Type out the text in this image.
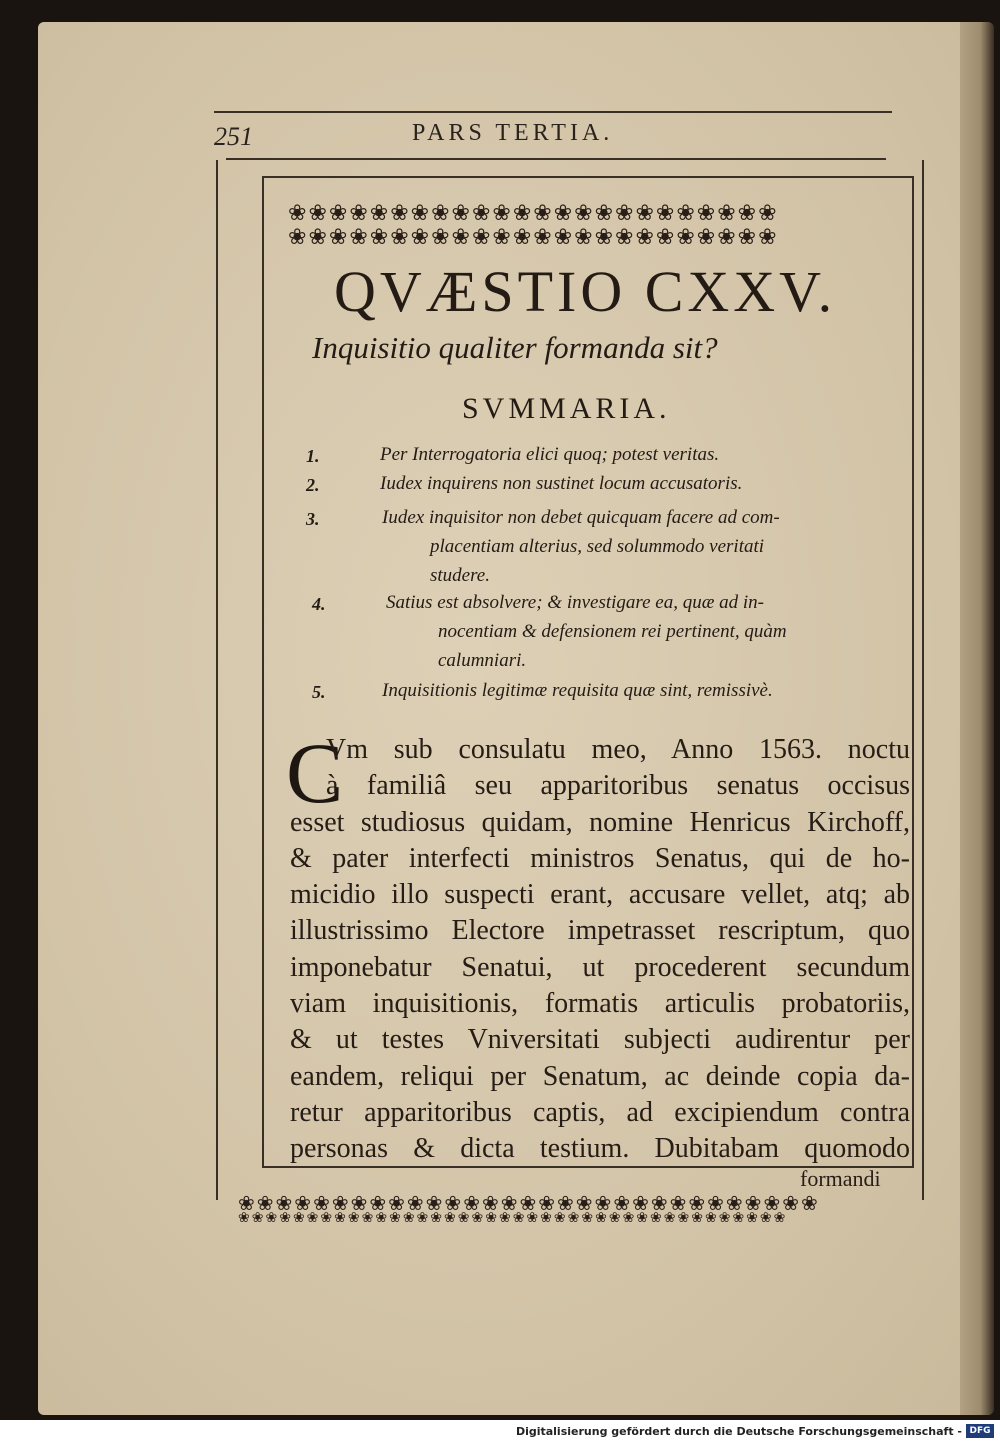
251	PARS TERTIA.
❀ ❀ ❀ ❀ ❀ ❀ ❀ ❀ ❀ ❀ ❀ ❀ ❀ ❀ ❀ ❀ ❀ ❀ ❀ ❀ ❀ ❀ ❀ ❀
❀ ❀ ❀ ❀ ❀ ❀ ❀ ❀ ❀ ❀ ❀ ❀ ❀ ❀ ❀ ❀ ❀ ❀ ❀ ❀ ❀ ❀ ❀ ❀
QVÆSTIO CXXV.
Inquisitio qualiter formanda sit?
SVMMARIA.
1.	Per Interrogatoria elici quoq; potest veritas.
2.	Iudex inquirens non sustinet locum accusatoris.
3.	Iudex inquisitor non debet quicquam facere ad com-
placentiam alterius, sed solummodo veritati
studere.
4.	Satius est absolvere; & investigare ea, quæ ad in-
nocentiam & defensionem rei pertinent, quàm
calumniari.
5.	Inquisitionis legitimæ requisita quæ sint, remissivè.
C
Vm sub consulatu meo, Anno 1563. noctu
à familiâ seu apparitoribus senatus occisus
esset studiosus quidam, nomine Henricus Kirchoff,
& pater interfecti ministros Senatus, qui de ho-
micidio illo suspecti erant, accusare vellet, atq; ab
illustrissimo Electore impetrasset rescriptum, quo
imponebatur Senatui, ut procederent secundum
viam inquisitionis, formatis articulis probatoriis,
& ut testes Vniversitati subjecti audirentur per
eandem, reliqui per Senatum, ac deinde copia da-
retur apparitoribus captis, ad excipiendum contra
personas & dicta testium. Dubitabam quomodo
formandi
❀ ❀ ❀ ❀ ❀ ❀ ❀ ❀ ❀ ❀ ❀ ❀ ❀ ❀ ❀ ❀ ❀ ❀ ❀ ❀ ❀ ❀ ❀ ❀ ❀ ❀ ❀ ❀ ❀ ❀ ❀
❀ ❀ ❀ ❀ ❀ ❀ ❀ ❀ ❀ ❀ ❀ ❀ ❀ ❀ ❀ ❀ ❀ ❀ ❀ ❀ ❀ ❀ ❀ ❀ ❀ ❀ ❀ ❀ ❀ ❀ ❀ ❀ ❀ ❀ ❀ ❀ ❀ ❀ ❀ ❀
Digitalisierung gefördert durch die Deutsche Forschungsgemeinschaft - DFG
